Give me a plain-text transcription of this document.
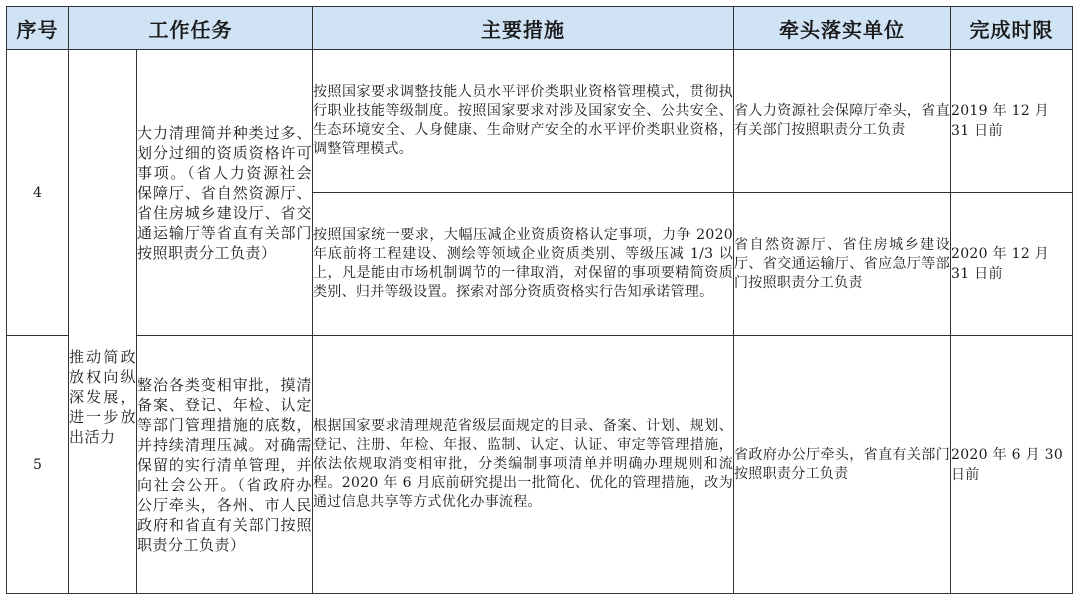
序号	工作任务		主要措施	牵头落实单位	完成时限
4	推动简政放权向纵深发展，进一步放出活力	大力清理简并种类过多、划分过细的资质资格许可事项。（省人力资源社会保障厅、省自然资源厅、省住房城乡建设厅、省交通运输厅等省直有关部门按照职责分工负责）	按照国家要求调整技能人员水平评价类职业资格管理模式，贯彻执行职业技能等级制度。按照国家要求对涉及国家安全、公共安全、生态环境安全、人身健康、生命财产安全的水平评价类职业资格，调整管理模式。	省人力资源社会保障厅牵头，省直有关部门按照职责分工负责	2019 年 12 月 31 日前
			按照国家统一要求，大幅压减企业资质资格认定事项，力争 2020 年底前将工程建设、测绘等领域企业资质类别、等级压减 1/3 以上，凡是能由市场机制调节的一律取消，对保留的事项要精简资质类别、归并等级设置。探索对部分资质资格实行告知承诺管理。	省自然资源厅、省住房城乡建设厅、省交通运输厅、省应急厅等部门按照职责分工负责	2020 年 12 月 31 日前
5		整治各类变相审批，摸清备案、登记、年检、认定等部门管理措施的底数，并持续清理压减。对确需保留的实行清单管理，并向社会公开。（省政府办公厅牵头，各州、市人民政府和省直有关部门按照职责分工负责）	根据国家要求清理规范省级层面规定的目录、备案、计划、规划、登记、注册、年检、年报、监制、认定、认证、审定等管理措施，依法依规取消变相审批，分类编制事项清单并明确办理规则和流程。2020 年 6 月底前研究提出一批简化、优化的管理措施，改为通过信息共享等方式优化办事流程。	省政府办公厅牵头，省直有关部门按照职责分工负责	2020 年 6 月 30 日前
